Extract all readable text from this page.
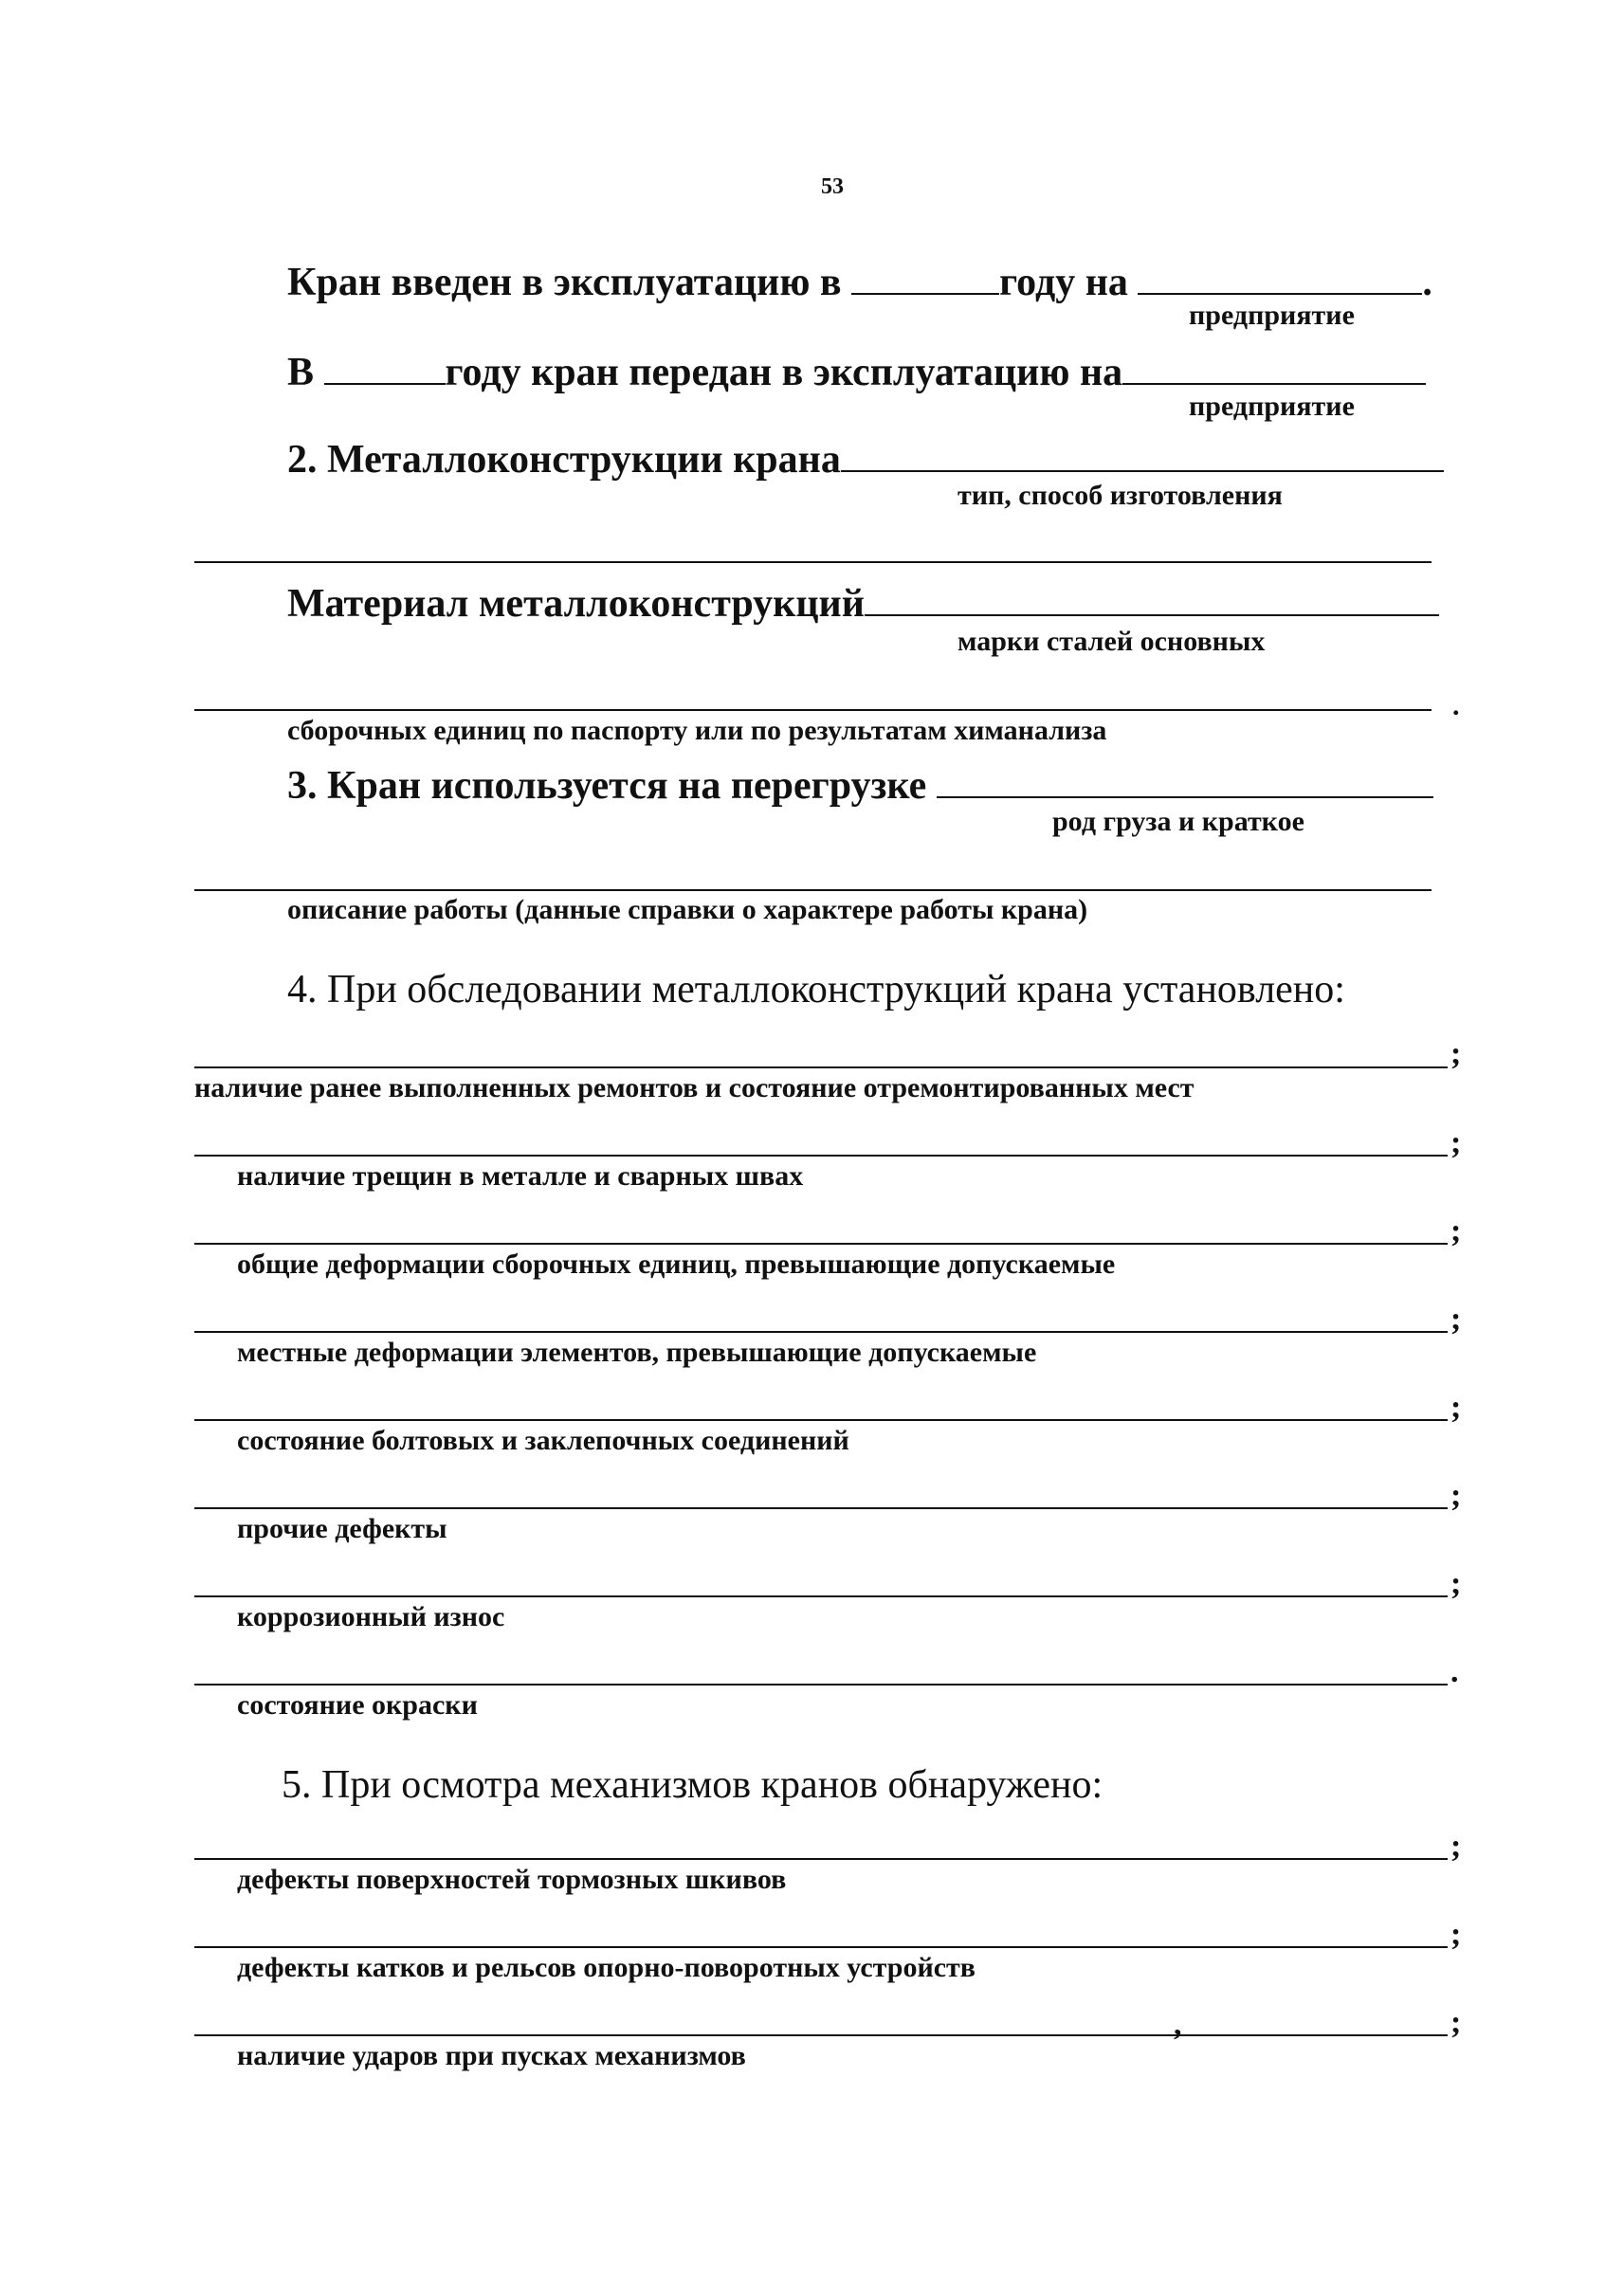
53
Кран введен в эксплуатацию в	году на	.
предприятие
В	году кран передан в эксплуатацию на
предприятие
2. Металлоконструкции крана
тип, способ изготовления
Материал металлоконструкций
марки сталей основных
.
сборочных единиц по паспорту или по результатам химанализа
3. Кран используется на перегрузке
род груза и краткое
описание работы (данные справки о характере работы крана)
4. При обследовании металлоконструкций крана установлено:
;
наличие ранее выполненных ремонтов и состояние отремонтированных мест
;
наличие трещин в металле и сварных швах
;
общие деформации сборочных единиц, превышающие допускаемые
;
местные деформации элементов, превышающие допускаемые
;
состояние болтовых и заклепочных соединений
;
прочие дефекты
;
коррозионный износ
.
состояние окраски
5. При осмотра механизмов кранов обнаружено:
;
дефекты поверхностей тормозных шкивов
;
дефекты катков и рельсов опорно-поворотных устройств
,	;
наличие ударов при пусках механизмов
